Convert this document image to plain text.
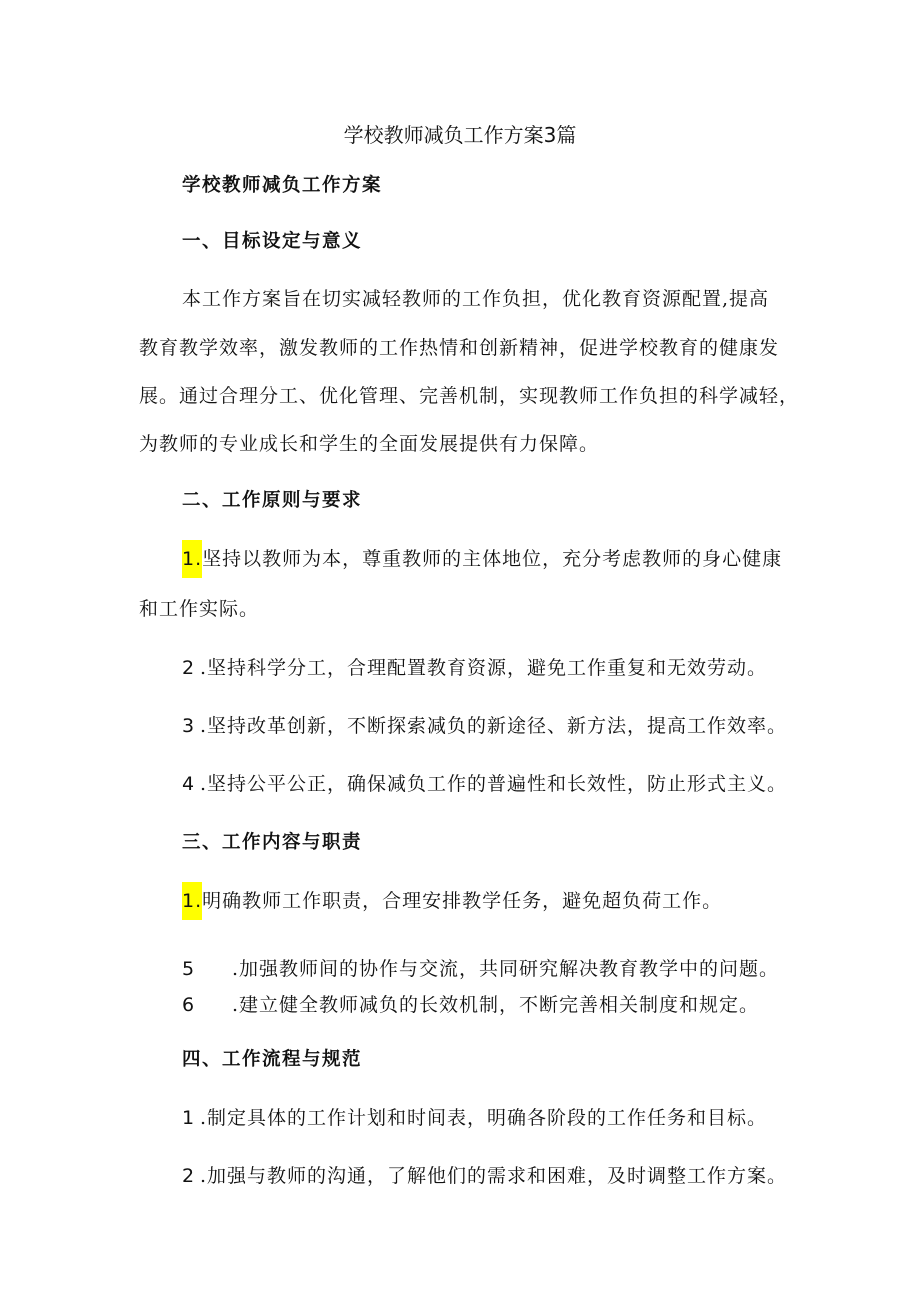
学校教师减负工作方案3篇
学校教师减负工作方案
一、目标设定与意义
本工作方案旨在切实减轻教师的工作负担，优化教育资源配置,提高
教育教学效率，激发教师的工作热情和创新精神，促进学校教育的健康发
展。通过合理分工、优化管理、完善机制，实现教师工作负担的科学减轻，
为教师的专业成长和学生的全面发展提供有力保障。
二、工作原则与要求
1.坚持以教师为本，尊重教师的主体地位，充分考虑教师的身心健康
和工作实际。
2 .坚持科学分工，合理配置教育资源，避免工作重复和无效劳动。
3 .坚持改革创新，不断探索减负的新途径、新方法，提高工作效率。
4 .坚持公平公正，确保减负工作的普遍性和长效性，防止形式主义。
三、工作内容与职责
1.明确教师工作职责，合理安排教学任务，避免超负荷工作。
5 .加强教师间的协作与交流，共同研究解决教育教学中的问题。
6 .建立健全教师减负的长效机制，不断完善相关制度和规定。
四、工作流程与规范
1 .制定具体的工作计划和时间表，明确各阶段的工作任务和目标。
2 .加强与教师的沟通，了解他们的需求和困难，及时调整工作方案。
